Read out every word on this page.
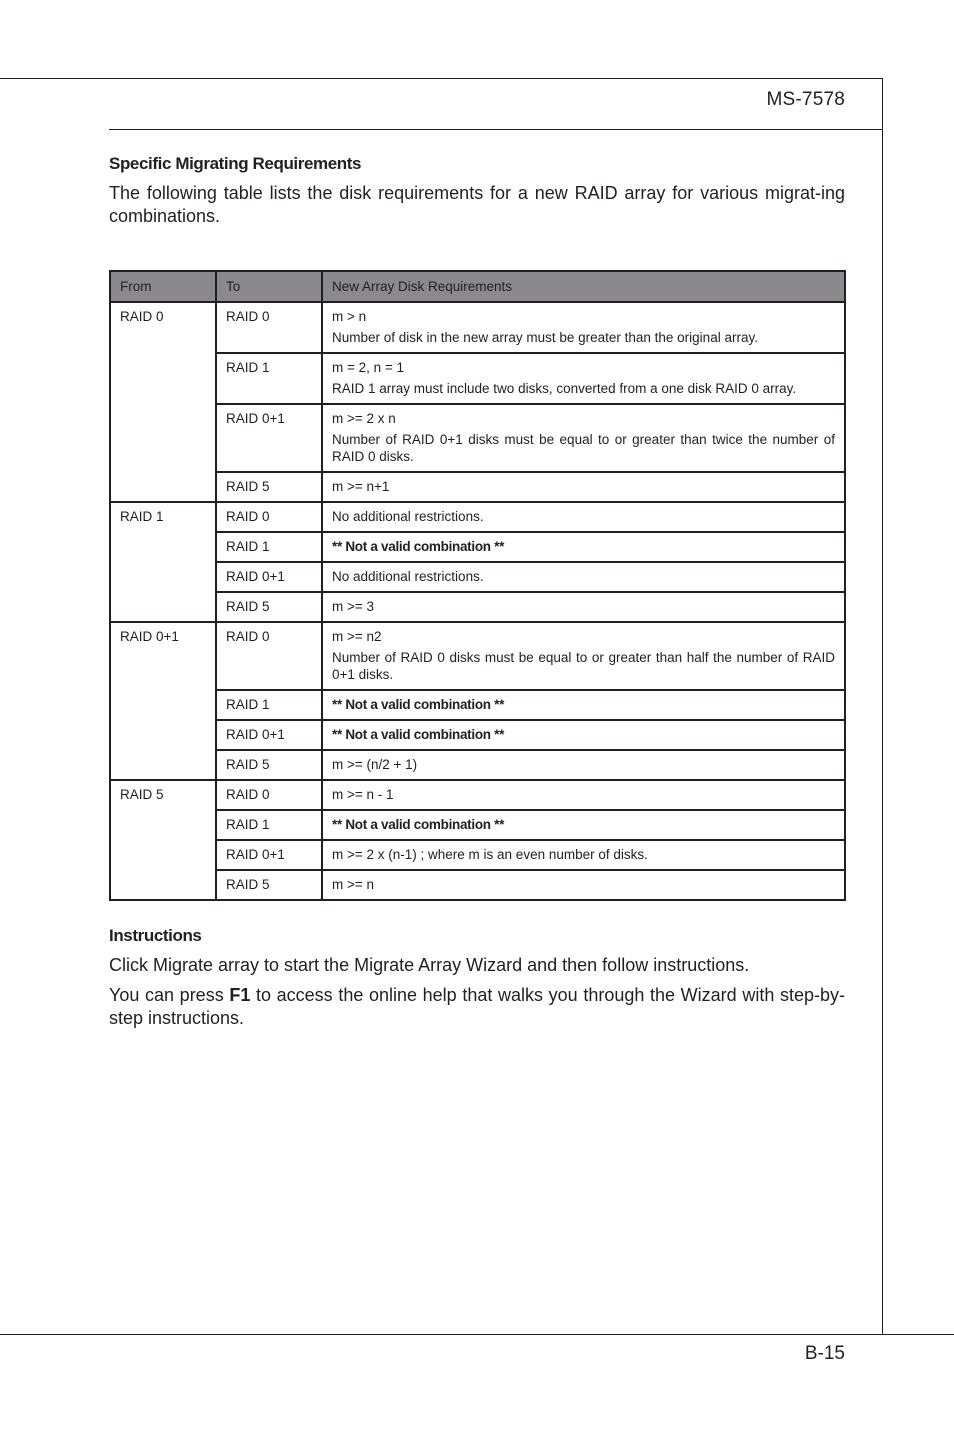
MS-7578
Specific Migrating Requirements

The following table lists the disk requirements for a new RAID array for various migrat-ing combinations.

From	To	New Array Disk Requirements
RAID 0	RAID 0	m > n
Number of disk in the new array must be greater than the original array.

	RAID 1	m = 2, n = 1
RAID 1 array must include two disks, converted from a one disk RAID 0 array.

	RAID 0+1	m >= 2 x n
Number of RAID 0+1 disks must be equal to or greater than twice the number of RAID 0 disks.

	RAID 5	m >= n+1
RAID 1	RAID 0	No additional restrictions.
	RAID 1	** Not a valid combination **
	RAID 0+1	No additional restrictions.
	RAID 5	m >= 3
RAID 0+1	RAID 0	m >= n2
Number of RAID 0 disks must be equal to or greater than half the number of RAID 0+1 disks.

	RAID 1	** Not a valid combination **
	RAID 0+1	** Not a valid combination **
	RAID 5	m >= (n/2 + 1)
RAID 5	RAID 0	m >= n - 1
	RAID 1	** Not a valid combination **
	RAID 0+1	m >= 2 x (n-1) ; where m is an even number of disks.
	RAID 5	m >= n
Instructions

Click Migrate array to start the Migrate Array Wizard and then follow instructions.

You can press F1 to access the online help that walks you through the Wizard with step-by-step instructions.

B-15
